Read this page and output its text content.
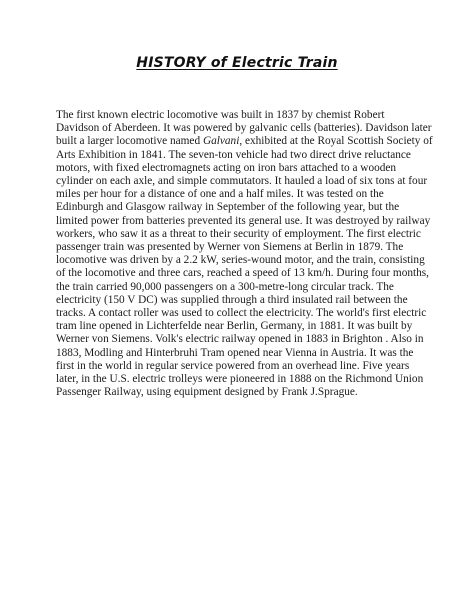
HISTORY of Electric Train
The first known electric locomotive was built in 1837 by chemist Robert
Davidson of Aberdeen. It was powered by galvanic cells (batteries). Davidson later
built a larger locomotive named Galvani, exhibited at the Royal Scottish Society of
Arts Exhibition in 1841. The seven-ton vehicle had two direct drive reluctance
motors, with fixed electromagnets acting on iron bars attached to a wooden
cylinder on each axle, and simple commutators. It hauled a load of six tons at four
miles per hour for a distance of one and a half miles. It was tested on the
Edinburgh and Glasgow railway in September of the following year, but the
limited power from batteries prevented its general use. It was destroyed by railway
workers, who saw it as a threat to their security of employment. The first electric
passenger train was presented by Werner von Siemens at Berlin in 1879. The
locomotive was driven by a 2.2 kW, series-wound motor, and the train, consisting
of the locomotive and three cars, reached a speed of 13 km/h. During four months,
the train carried 90,000 passengers on a 300-metre-long circular track. The
electricity (150 V DC) was supplied through a third insulated rail between the
tracks. A contact roller was used to collect the electricity. The world's first electric
tram line opened in Lichterfelde near Berlin, Germany, in 1881. It was built by
Werner von Siemens. Volk's electric railway opened in 1883 in Brighton . Also in
1883, Modling and Hinterbruhi Tram opened near Vienna in Austria. It was the
first in the world in regular service powered from an overhead line. Five years
later, in the U.S. electric trolleys were pioneered in 1888 on the Richmond Union
Passenger Railway, using equipment designed by Frank J.Sprague.
